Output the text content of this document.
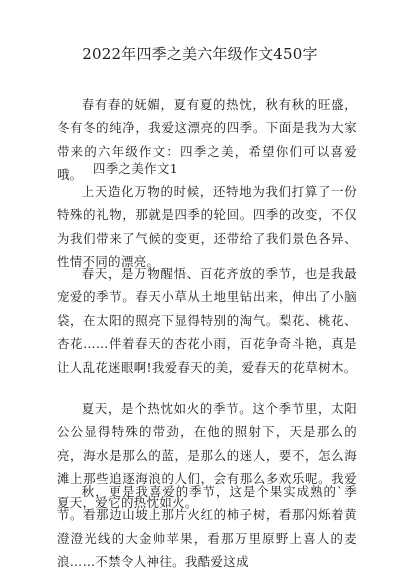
2022年四季之美六年级作文450字
春有春的妩媚，夏有夏的热忱，秋有秋的旺盛，冬有冬的纯净，我爱这漂亮的四季。下面是我为大家带来的六年级作文：四季之美，希望你们可以喜爱哦。 四季之美作文1
上天造化万物的时候，还特地为我们打算了一份特殊的礼物，那就是四季的轮回。四季的改变，不仅为我们带来了气候的变更，还带给了我们景色各异、性情不同的漂亮。
春天，是万物醒悟、百花齐放的季节，也是我最宠爱的季节。春天小草从土地里钻出来，伸出了小脑袋，在太阳的照亮下显得特别的淘气。梨花、桃花、杏花……伴着春天的杏花小雨，百花争奇斗艳，真是让人乱花迷眼啊!我爱春天的美，爱春天的花草树木。
夏天，是个热忱如火的季节。这个季节里，太阳公公显得特殊的带劲，在他的照射下，天是那么的亮，海水是那么的蓝，是那么的迷人，要不，怎么海滩上那些追逐海浪的人们，会有那么多欢乐呢。我爱夏天，爱它的热忱如火。
秋，更是我喜爱的季节，这是个果实成熟的`季节。看那边山坡上那片火红的柿子树，看那闪烁着黄澄澄光线的大金帅苹果，看那万里原野上喜人的麦浪……不禁令人神往。我酷爱这成
